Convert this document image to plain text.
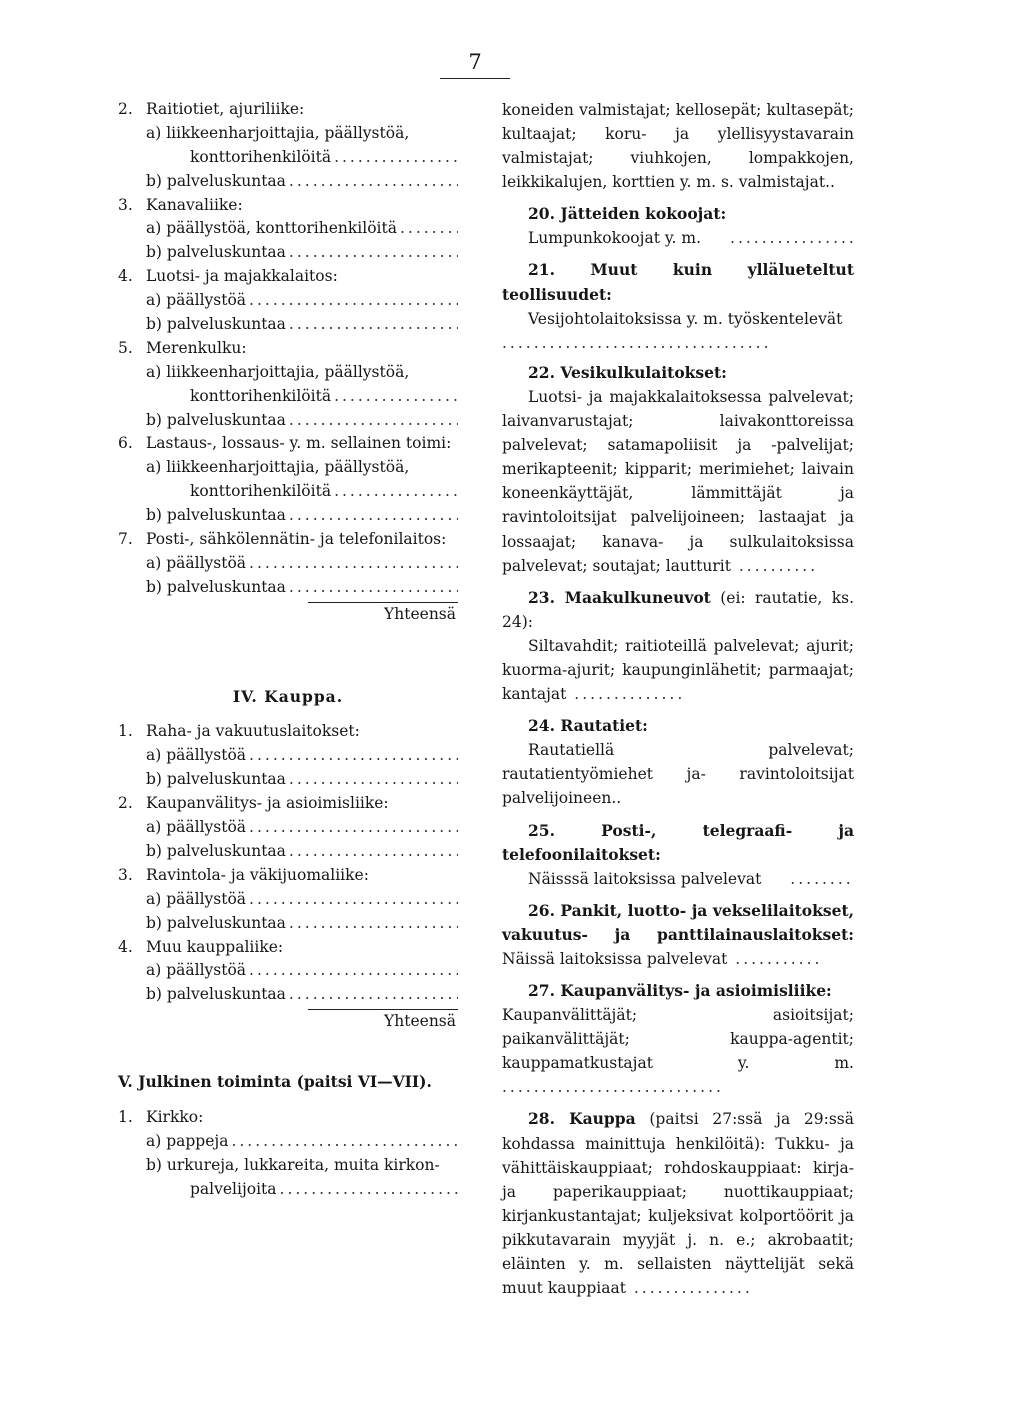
7
2. Raitiotiet, ajuriliike:
a) liikkeenharjoittajia, päällystöä,
konttorihenkilöitä
.....
b) palveluskuntaa
.....
3. Kanavaliike:
a) päällystöä, konttorihenkilöitä
.....
b) palveluskuntaa
.....
4. Luotsi- ja majakkalaitos:
a) päällystöä
.....
b) palveluskuntaa
.....
5. Merenkulku:
a) liikkeenharjoittajia, päällystöä,
konttorihenkilöitä
.....
b) palveluskuntaa
.....
6. Lastaus-, lossaus- y. m. sellainen toimi:
a) liikkeenharjoittajia, päällystöä,
konttorihenkilöitä
.....
b) palveluskuntaa
.....
7. Posti-, sähkölennätin- ja telefonilaitos:
a) päällystöä
.....
b) palveluskuntaa
.....
Yhteensä
IV. Kauppa.
1. Raha- ja vakuutuslaitokset:
a) päällystöä
.....
b) palveluskuntaa
.....
2. Kaupanvälitys- ja asioimisliike:
a) päällystöä
.....
b) palveluskuntaa
.....
3. Ravintola- ja väkijuomaliike:
a) päällystöä
.....
b) palveluskuntaa
.....
4. Muu kauppaliike:
a) päällystöä
.....
b) palveluskuntaa
.....
Yhteensä
V. Julkinen toiminta (paitsi VI—VII).
1. Kirkko:
a) pappeja
.....
b) urkureja, lukkareita, muita kirkon-
palvelijoita
.....
koneiden valmistajat; kellosepät; kultasepät; kultaajat; koru- ja ylellisyystavarain valmistajat; viuhkojen, lompakkojen, leikkikalujen, korttien y. m. s. valmistajat..
20. Jätteiden kokoojat:
Lumpunkokoojat y. m.
.....
21. Muut kuin yllälueteltut teollisuudet:
Vesijohtolaitoksissa y. m. työskentelevät ..................................
22. Vesikulkulaitokset:
Luotsi- ja majakkalaitoksessa palvelevat; laivanvarustajat; laivakonttoreissa palvelevat; satamapoliisit ja -palvelijat; merikapteenit; kipparit; merimiehet; laivain koneenkäyttäjät, lämmittäjät ja ravintoloitsijat palvelijoineen; lastaajat ja lossaajat; kanava- ja sulkulaitoksissa palvelevat; soutajat; lautturit ..........
23. Maakulkuneuvot (ei: rautatie, ks. 24):
Siltavahdit; raitioteillä palvelevat; ajurit; kuorma-ajurit; kaupunginlähetit; parmaajat; kantajat ..............
24. Rautatiet:
Rautatiellä palvelevat; rautatientyömiehet ja- ravintoloitsijat palvelijoineen..
25. Posti-, telegraafi- ja telefoonilaitokset:
Näisssä laitoksissa palvelevat
.....
26. Pankit, luotto- ja vekselilaitokset, vakuutus- ja panttilainauslaitokset: Näissä laitoksissa palvelevat ...........
27. Kaupanvälitys- ja asioimisliike:
Kaupanvälittäjät; asioitsijat; paikanvälittäjät; kauppa-agentit; kauppamatkustajat y. m. ............................
28. Kauppa (paitsi 27:ssä ja 29:ssä kohdassa mainittuja henkilöitä): Tukku- ja vähittäiskauppiaat; rohdoskauppiaat: kirja- ja paperikauppiaat; nuottikauppiaat; kirjankustantajat; kuljeksivat kolportöörit ja pikkutavarain myyjät j. n. e.; akrobaatit; eläinten y. m. sellaisten näyttelijät sekä muut kauppiaat ...............
